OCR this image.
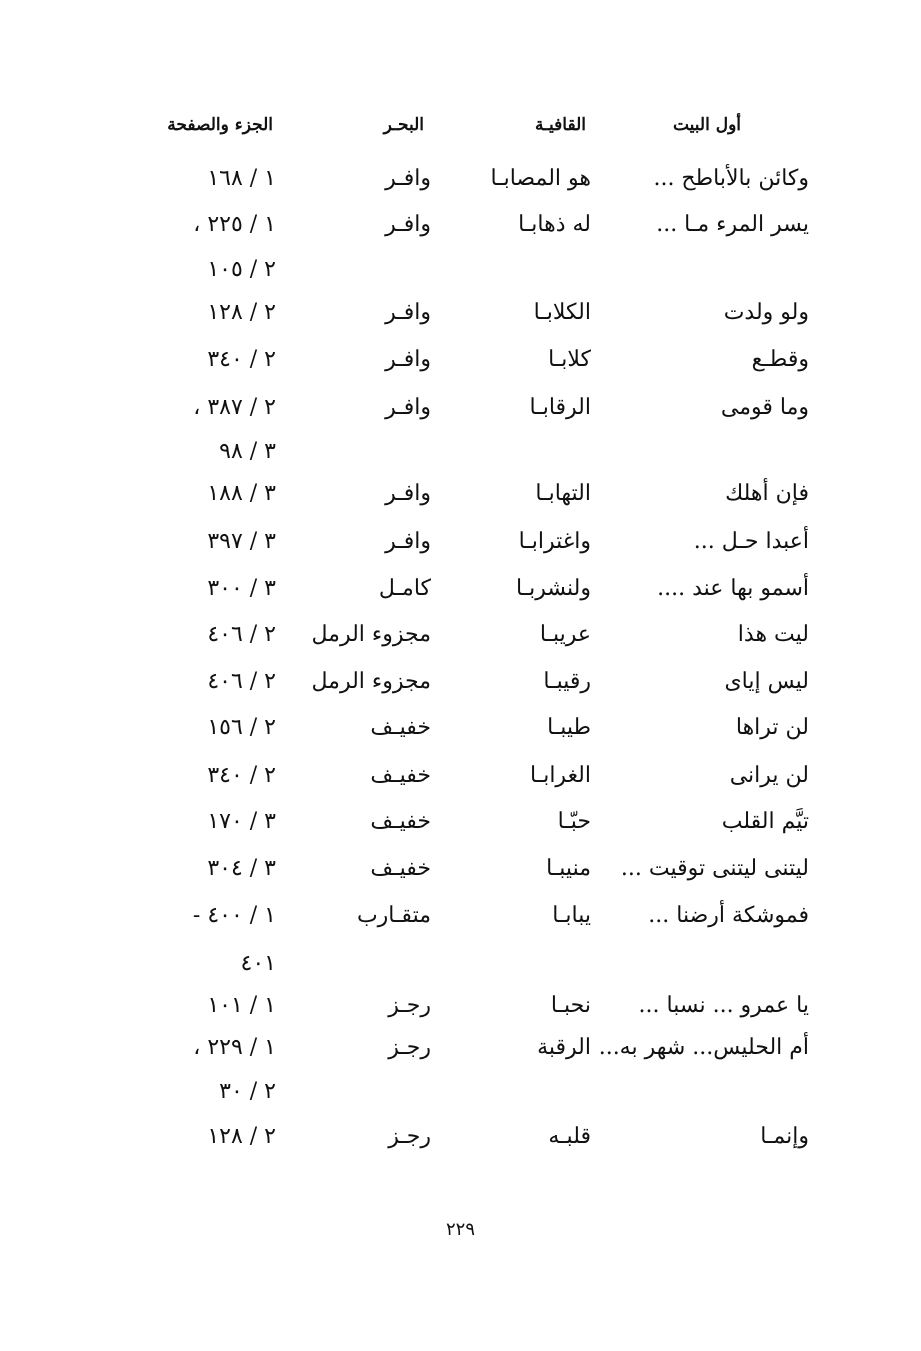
أول البيت
القافيـة
البحـر
الجزء والصفحة
وكائن بالأباطح ...
هو المصابـا
وافـر
١ / ١٦٨
يسر المرء مـا ...
له ذهابـا
وافـر
١ / ٢٢٥ ،
٢ / ١٠٥
ولو ولدت
الكلابـا
وافـر
٢ / ١٢٨
وقطـع
كلابـا
وافـر
٢ / ٣٤٠
وما قومى
الرقابـا
وافـر
٢ / ٣٨٧ ،
٣ / ٩٨
فإن أهلك
التهابـا
وافـر
٣ / ١٨٨
أعبدا حـل ...
واغترابـا
وافـر
٣ / ٣٩٧
أسمو بها عند ....
ولنشربـا
كامـل
٣ / ٣٠٠
ليت هذا
عريبـا
مجزوء الرمل
٢ / ٤٠٦
ليس إياى
رقيبـا
مجزوء الرمل
٢ / ٤٠٦
لن تراها
طيبـا
خفيـف
٢ / ١٥٦
لن يرانى
الغرابـا
خفيـف
٢ / ٣٤٠
تيَّم القلب
حبّـا
خفيـف
٣ / ١٧٠
ليتنى ليتنى توقيت ...
منيبـا
خفيـف
٣ / ٣٠٤
فموشكة أرضنا ...
يبابـا
متقـارب
١ / ٤٠٠ -
٤٠١
يا عمرو ... نسبا ...
نحبـا
رجـز
١ / ١٠١
أم الحليس... شهر به...
الرقبة
رجـز
١ / ٢٢٩ ،
٢ / ٣٠
وإنمـا
قلبـه
رجـز
٢ / ١٢٨
٢٢٩
